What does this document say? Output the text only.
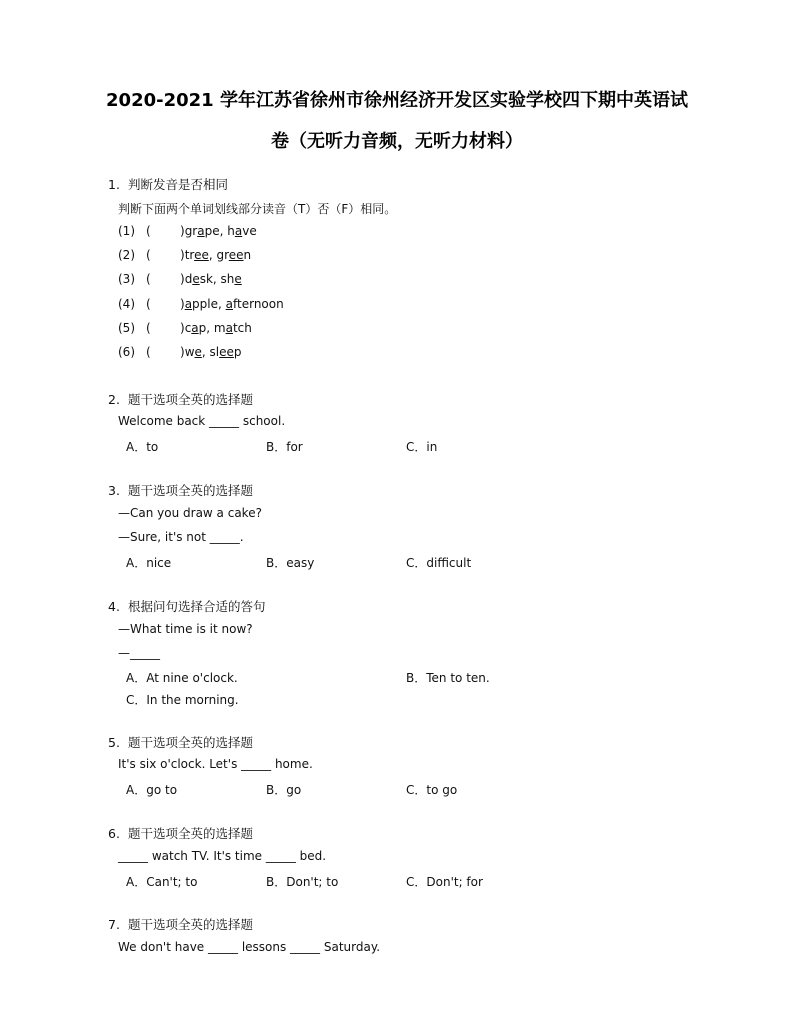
2020-2021 学年江苏省徐州市徐州经济开发区实验学校四下期中英语试
卷（无听力音频，无听力材料）
1. 判断发音是否相同
判断下面两个单词划线部分读音（T）否（F）相同。
(1) ( )grape, have
(2) ( )tree, green
(3) ( )desk, she
(4) ( )apple, afternoon
(5) ( )cap, match
(6) ( )we, sleep
2. 题干选项全英的选择题
Welcome back _____ school.
A．to	B．for	C．in
3. 题干选项全英的选择题
—Can you draw a cake?
—Sure, it's not _____.
A．nice	B．easy	C．difficult
4. 根据问句选择合适的答句
—What time is it now?
—_____
A．At nine o'clock.	B．Ten to ten.
C．In the morning.
5. 题干选项全英的选择题
It's six o'clock. Let's _____ home.
A．go to	B．go	C．to go
6. 题干选项全英的选择题
_____ watch TV. It's time _____ bed.
A．Can't; to	B．Don't; to	C．Don't; for
7. 题干选项全英的选择题
We don't have _____ lessons _____ Saturday.
